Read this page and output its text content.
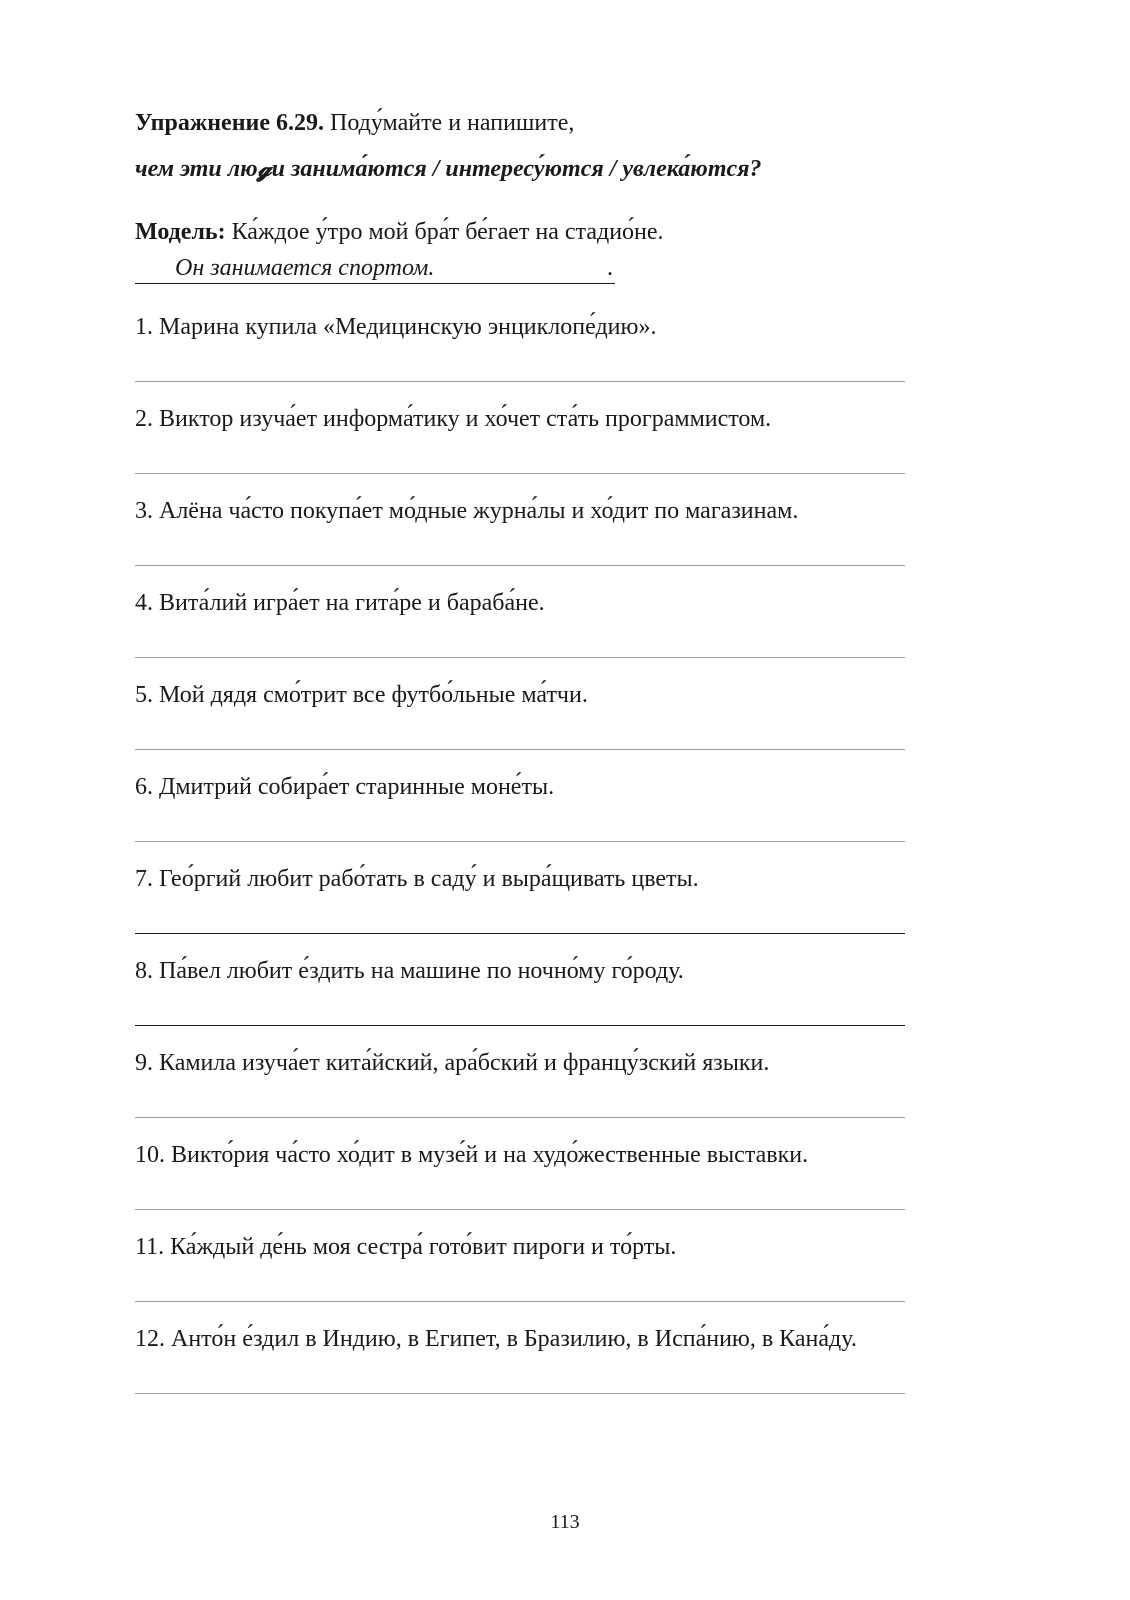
Упражнение 6.29. Поду́майте и напишите,
чем эти лю𝓰и занима́ются / интересу́ются / увлека́ются?
Модель: Ка́ждое у́тро мой бра́т бе́гает на стадио́не.
Он занимается спортом.	.
1. Марина купила «Медицинскую энциклопе́дию».
2. Виктор изуча́ет информа́тику и хо́чет ста́ть программистом.
3. Алёна ча́сто покупа́ет мо́дные журна́лы и хо́дит по магазинам.
4. Вита́лий игра́ет на гита́ре и бараба́не.
5. Мой дядя смо́трит все футбо́льные ма́тчи.
6. Дмитрий собира́ет старинные моне́ты.
7. Гео́ргий любит рабо́тать в саду́ и выра́щивать цветы.
8. Па́вел любит е́здить на машине по ночно́му го́роду.
9. Камила изуча́ет кита́йский, ара́бский и францу́зский языки.
10. Викто́рия ча́сто хо́дит в музе́й и на худо́жественные выставки.
11. Ка́ждый де́нь моя сестра́ гото́вит пироги и то́рты.
12. Анто́н е́здил в Индию, в Египет, в Бразилию, в Испа́нию, в Кана́ду.
113
